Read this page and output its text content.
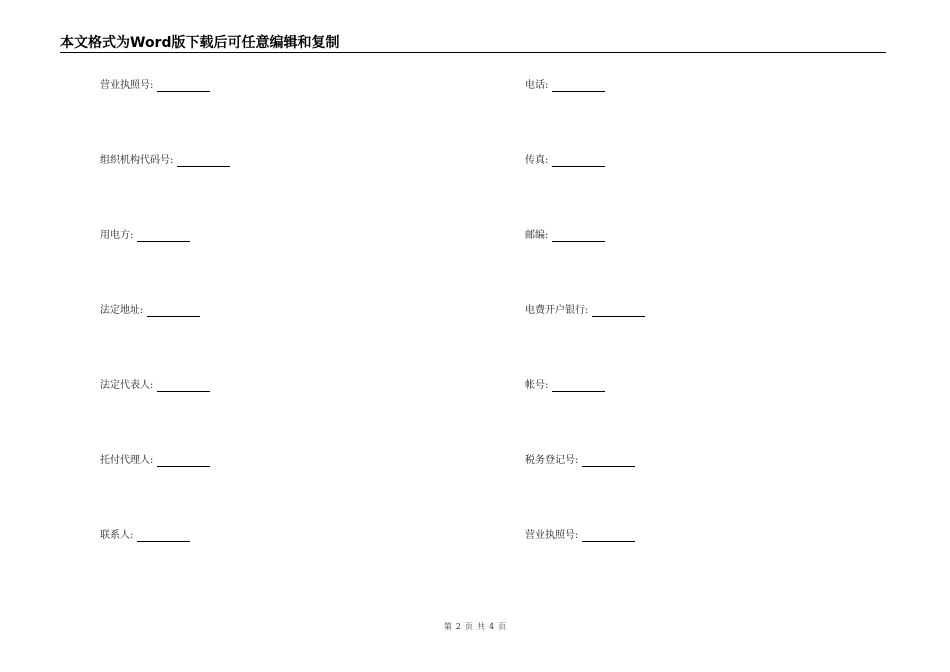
本文格式为Word版下载后可任意编辑和复制
营业执照号:
组织机构代码号:
用电方:
法定地址:
法定代表人:
托付代理人:
联系人:
电话:
传真:
邮编:
电费开户银行:
帐号:
税务登记号:
营业执照号:
第 2 页 共 4 页
